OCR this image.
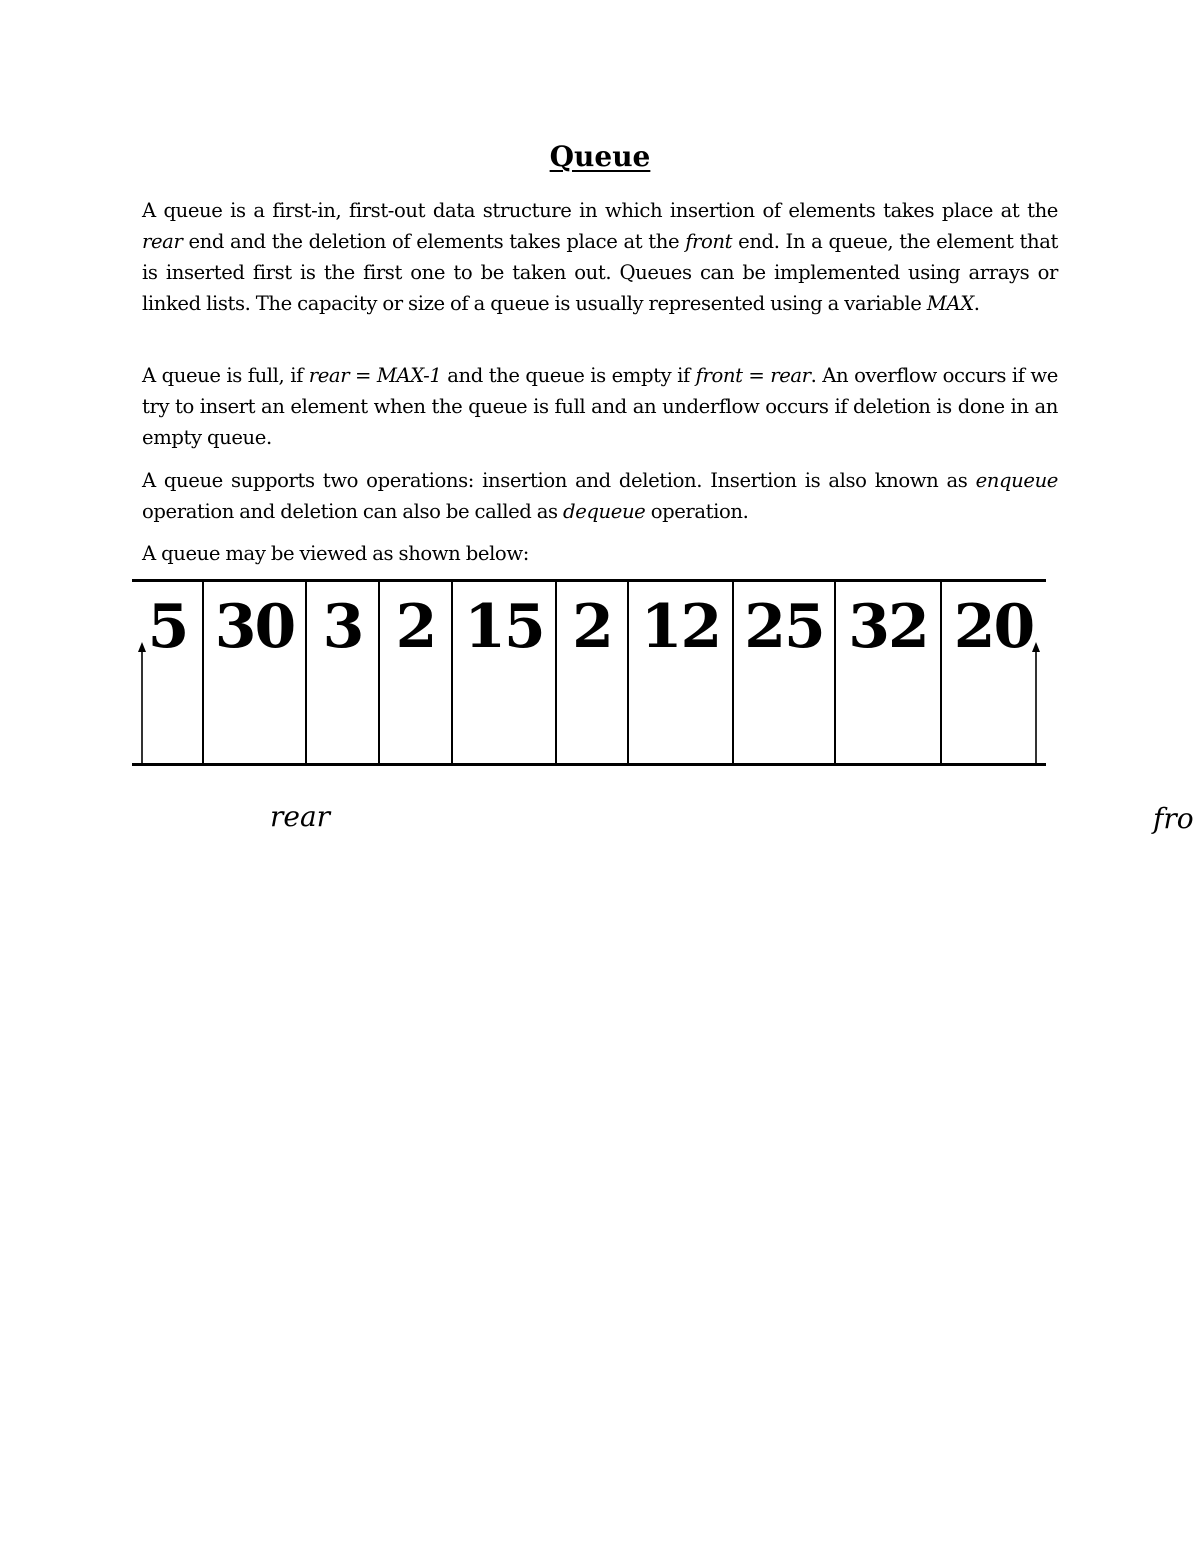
Queue

A queue is a first-in, first-out data structure in which insertion of elements takes place at the rear end and the deletion of elements takes place at the front end. In a queue, the element that is inserted first is the first one to be taken out. Queues can be implemented using arrays or linked lists. The capacity or size of a queue is usually represented using a variable MAX.

A queue is full, if rear = MAX-1 and the queue is empty if front = rear. An overflow occurs if we try to insert an element when the queue is full and an underflow occurs if deletion is done in an empty queue.

A queue supports two operations: insertion and deletion. Insertion is also known as enqueue operation and deletion can also be called as dequeue operation.

A queue may be viewed as shown below:

5 30 3 2 15 2 12 25 32 20
rear	fro
